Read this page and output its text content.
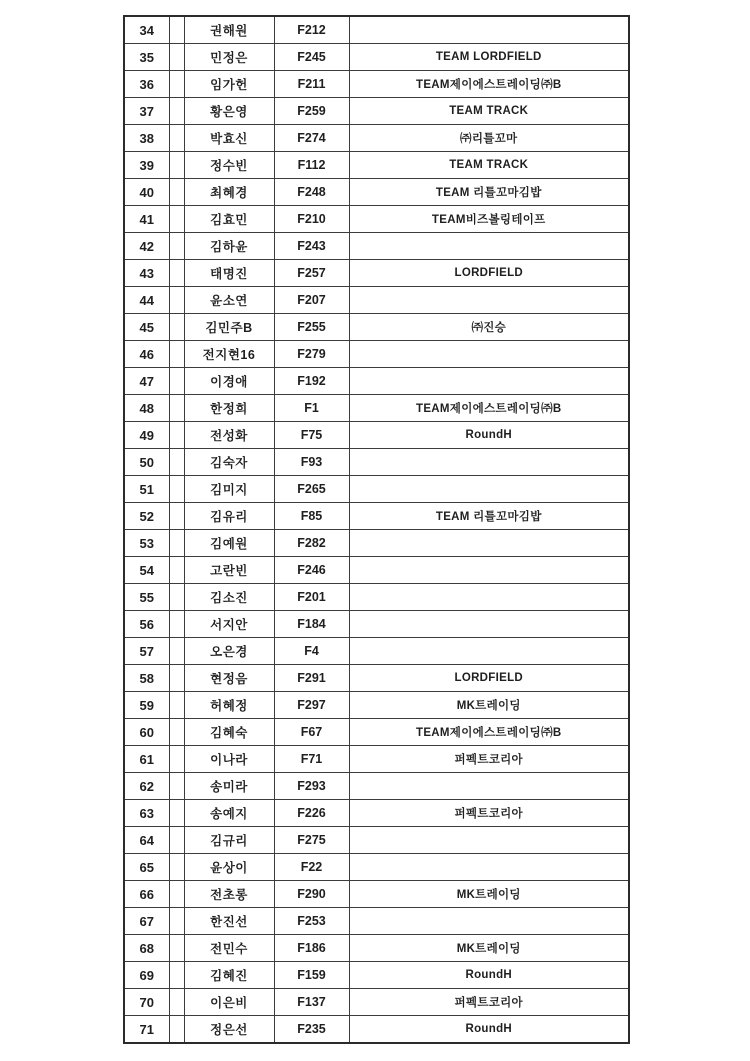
34		권해원	F212	
35		민정은	F245	TEAM LORDFIELD
36		임가헌	F211	TEAM제이에스트레이딩㈜B
37		황은영	F259	TEAM TRACK
38		박효신	F274	㈜리틀꼬마
39		정수빈	F112	TEAM TRACK
40		최혜경	F248	TEAM 리틀꼬마김밥
41		김효민	F210	TEAM비즈볼링테이프
42		김하윤	F243	
43		태명진	F257	LORDFIELD
44		윤소연	F207	
45		김민주B	F255	㈜진승
46		전지현16	F279	
47		이경애	F192	
48		한정희	F1	TEAM제이에스트레이딩㈜B
49		전성화	F75	RoundH
50		김숙자	F93	
51		김미지	F265	
52		김유리	F85	TEAM 리틀꼬마김밥
53		김예원	F282	
54		고란빈	F246	
55		김소진	F201	
56		서지안	F184	
57		오은경	F4	
58		현정음	F291	LORDFIELD
59		허혜정	F297	MK트레이딩
60		김혜숙	F67	TEAM제이에스트레이딩㈜B
61		이나라	F71	퍼펙트코리아
62		송미라	F293	
63		송예지	F226	퍼펙트코리아
64		김규리	F275	
65		윤상이	F22	
66		전초롱	F290	MK트레이딩
67		한진선	F253	
68		전민수	F186	MK트레이딩
69		김혜진	F159	RoundH
70		이은비	F137	퍼펙트코리아
71		정은선	F235	RoundH
